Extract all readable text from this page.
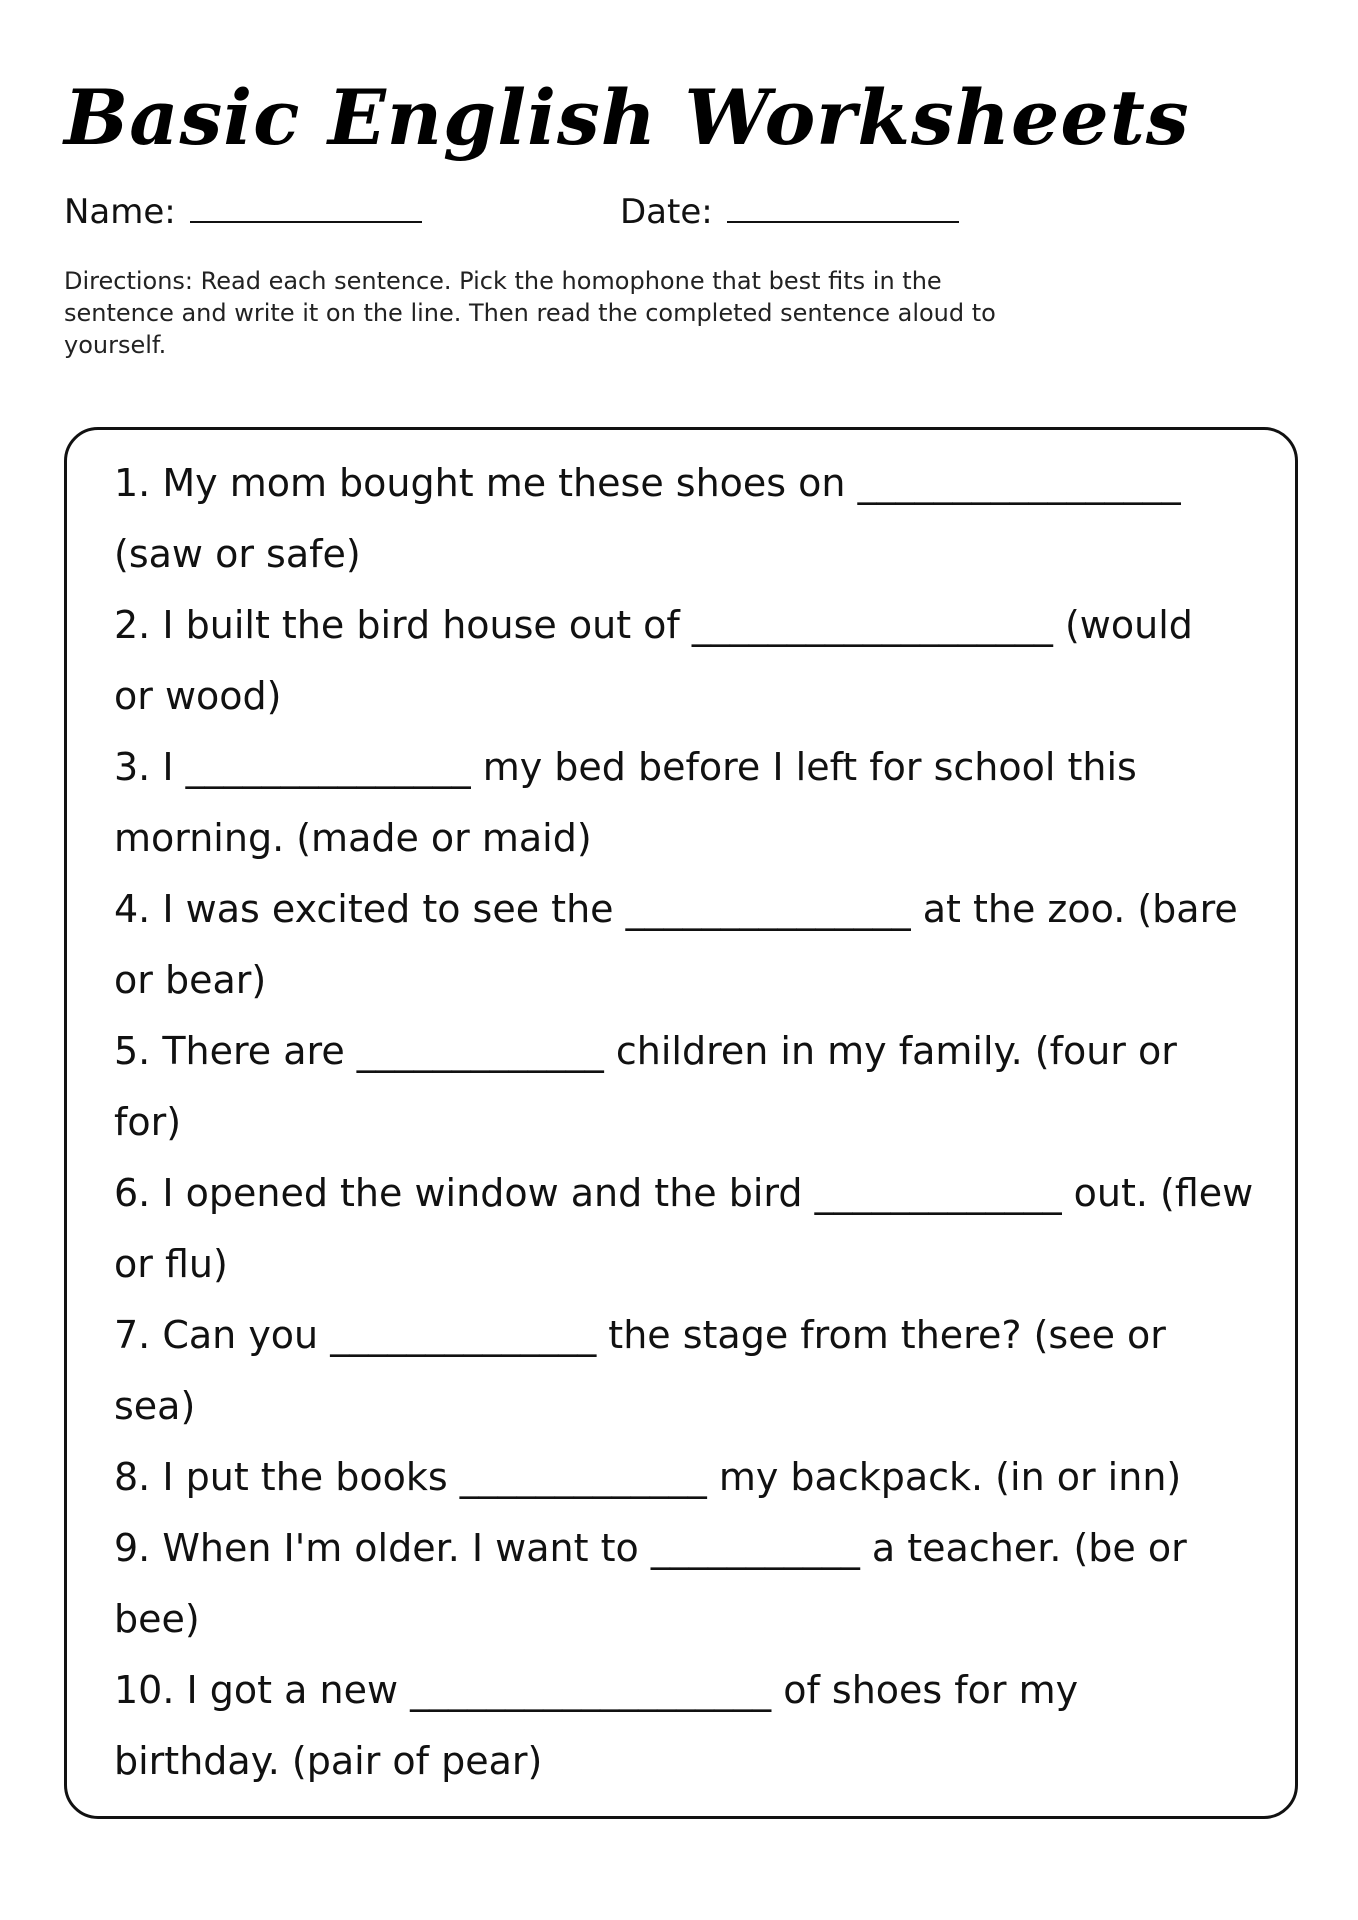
Basic English Worksheets
Name:	Date:

Directions: Read each sentence. Pick the homophone that best fits in the sentence and write it on the line. Then read the completed sentence aloud to yourself.

1. My mom bought me these shoes on _________________
(saw or safe)
2. I built the bird house out of ___________________ (would
or wood)
3. I _______________ my bed before I left for school this
morning. (made or maid)
4. I was excited to see the _______________ at the zoo. (bare
or bear)
5. There are _____________ children in my family. (four or
for)
6. I opened the window and the bird _____________ out. (flew
or flu)
7. Can you ______________ the stage from there? (see or
sea)
8. I put the books _____________ my backpack. (in or inn)
9. When I'm older. I want to ___________ a teacher. (be or
bee)
10. I got a new ___________________ of shoes for my
birthday. (pair of pear)
